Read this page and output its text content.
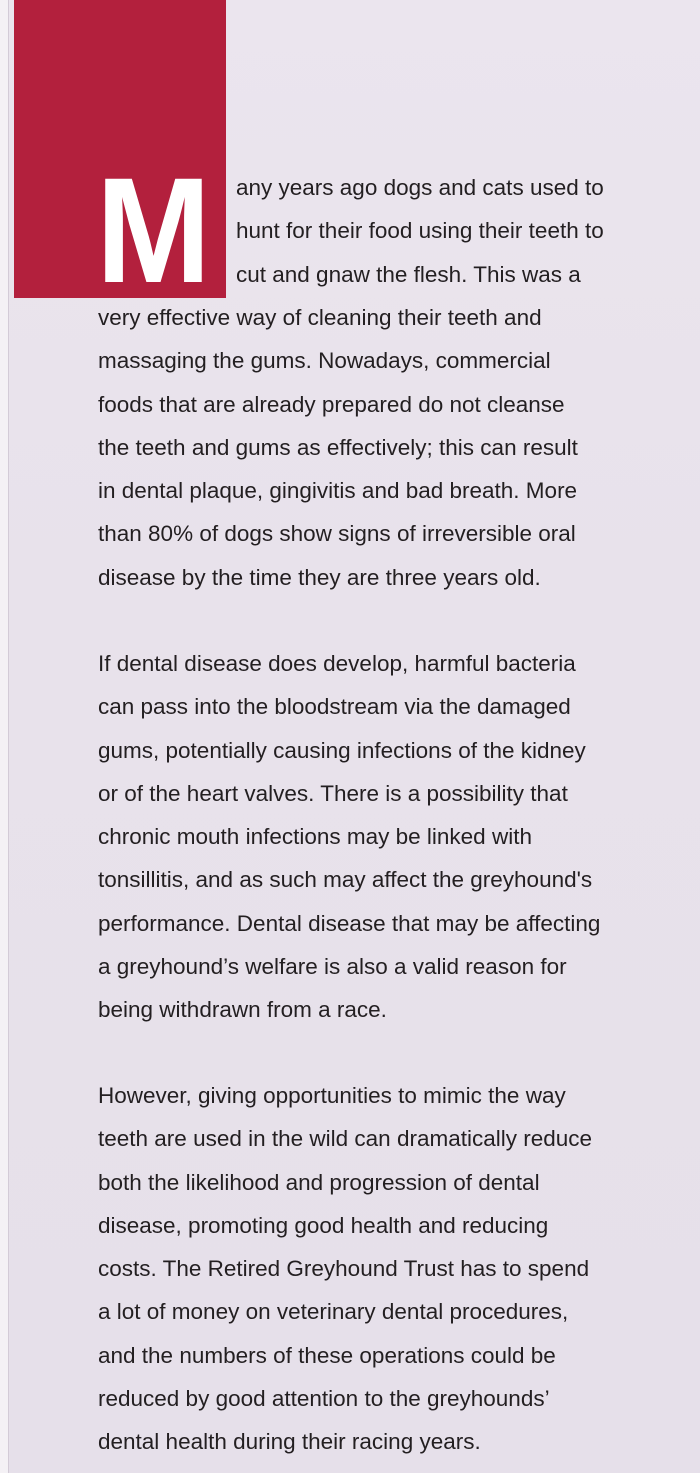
M any years ago dogs and cats used to
hunt for their food using their teeth to
cut and gnaw the flesh. This was a
very effective way of cleaning their teeth and
massaging the gums. Nowadays, commercial
foods that are already prepared do not cleanse
the teeth and gums as effectively; this can result
in dental plaque, gingivitis and bad breath. More
than 80% of dogs show signs of irreversible oral
disease by the time they are three years old.
If dental disease does develop, harmful bacteria
can pass into the bloodstream via the damaged
gums, potentially causing infections of the kidney
or of the heart valves. There is a possibility that
chronic mouth infections may be linked with
tonsillitis, and as such may affect the greyhound's
performance. Dental disease that may be affecting
a greyhound’s welfare is also a valid reason for
being withdrawn from a race.
However, giving opportunities to mimic the way
teeth are used in the wild can dramatically reduce
both the likelihood and progression of dental
disease, promoting good health and reducing
costs. The Retired Greyhound Trust has to spend
a lot of money on veterinary dental procedures,
and the numbers of these operations could be
reduced by good attention to the greyhounds’
dental health during their racing years.
